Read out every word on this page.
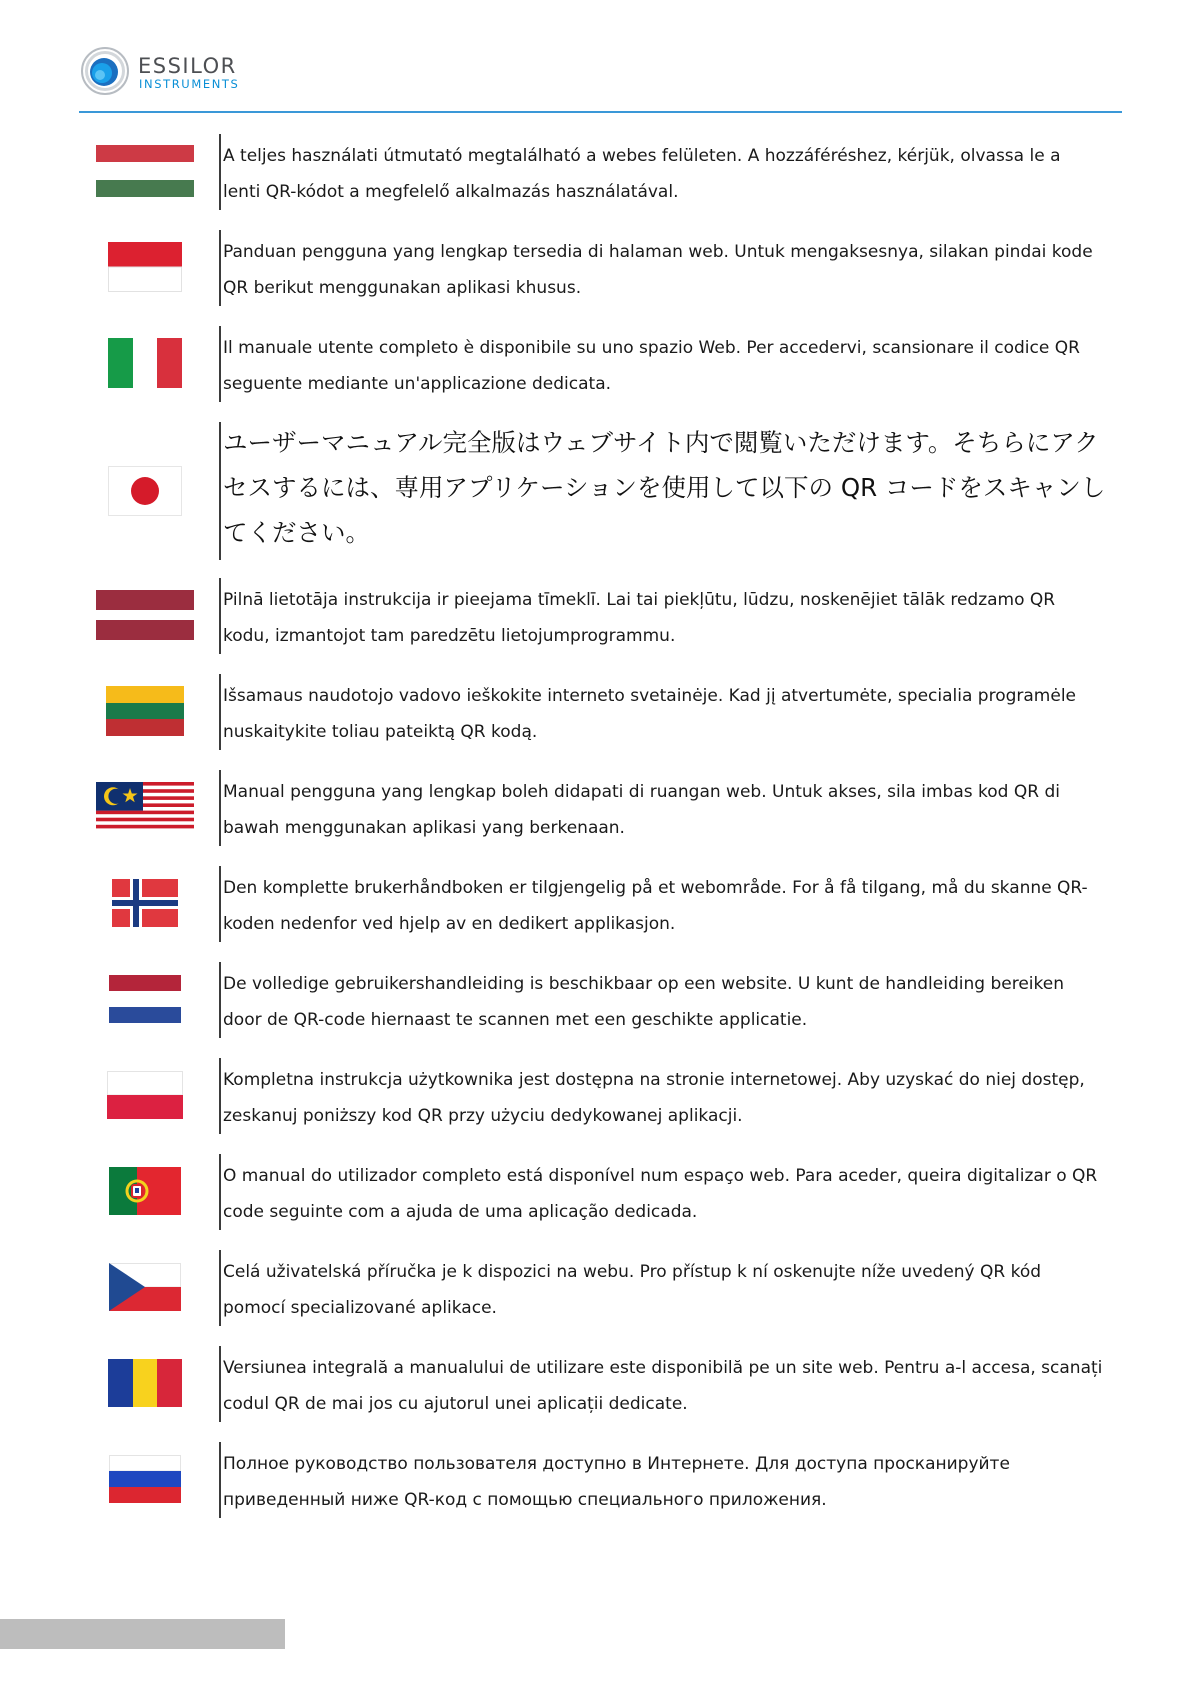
ESSILOR
INSTRUMENTS

A teljes használati útmutató megtalálható a webes felületen. A hozzáféréshez, kérjük, olvassa le a lenti QR-kódot a megfelelő alkalmazás használatával.

Panduan pengguna yang lengkap tersedia di halaman web. Untuk mengaksesnya, silakan pindai kode QR berikut menggunakan aplikasi khusus.

Il manuale utente completo è disponibile su uno spazio Web. Per accedervi, scansionare il codice QR seguente mediante un'applicazione dedicata.

ユーザーマニュアル完全版はウェブサイト内で閲覧いただけます。そちらにアクセスするには、専用アプリケーションを使用して以下の QR コードをスキャンしてください。

Pilnā lietotāja instrukcija ir pieejama tīmeklī. Lai tai piekļūtu, lūdzu, noskenējiet tālāk redzamo QR kodu, izmantojot tam paredzētu lietojumprogrammu.

Išsamaus naudotojo vadovo ieškokite interneto svetainėje. Kad jį atvertumėte, specialia programėle nuskaitykite toliau pateiktą QR kodą.

Manual pengguna yang lengkap boleh didapati di ruangan web. Untuk akses, sila imbas kod QR di bawah menggunakan aplikasi yang berkenaan.

Den komplette brukerhåndboken er tilgjengelig på et webområde. For å få tilgang, må du skanne QR-koden nedenfor ved hjelp av en dedikert applikasjon.

De volledige gebruikershandleiding is beschikbaar op een website. U kunt de handleiding bereiken door de QR-code hiernaast te scannen met een geschikte applicatie.

Kompletna instrukcja użytkownika jest dostępna na stronie internetowej. Aby uzyskać do niej dostęp, zeskanuj poniższy kod QR przy użyciu dedykowanej aplikacji.

O manual do utilizador completo está disponível num espaço web. Para aceder, queira digitalizar o QR code seguinte com a ajuda de uma aplicação dedicada.

Celá uživatelská příručka je k dispozici na webu. Pro přístup k ní oskenujte níže uvedený QR kód pomocí specializované aplikace.

Versiunea integrală a manualului de utilizare este disponibilă pe un site web. Pentru a-l accesa, scanați codul QR de mai jos cu ajutorul unei aplicații dedicate.

Полное руководство пользователя доступно в Интернете. Для доступа просканируйте приведенный ниже QR-код с помощью специального приложения.
